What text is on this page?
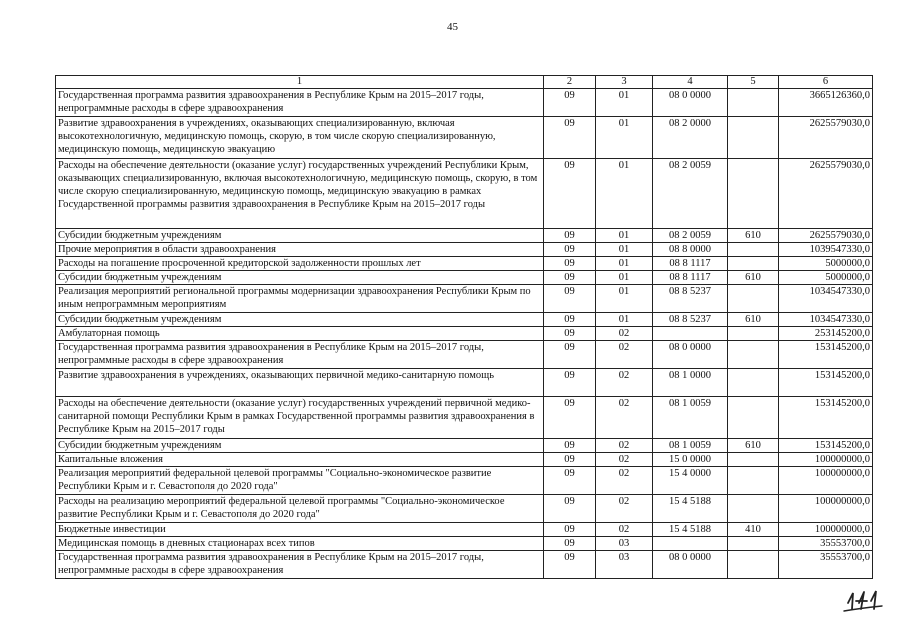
45
1	2	3	4	5	6
Государственная программа развития здравоохранения в Республике Крым на 2015–2017 годы, непрограммные расходы в сфере здравоохранения	09	01	08 0 0000		3665126360,0
Развитие здравоохранения в учреждениях, оказывающих специализированную, включая высокотехнологичную, медицинскую помощь, скорую, в том числе скорую специализированную, медицинскую помощь, медицинскую эвакуацию	09	01	08 2 0000		2625579030,0
Расходы на обеспечение деятельности (оказание услуг) государственных учреждений Республики Крым, оказывающих специализированную, включая высокотехнологичную, медицинскую помощь, скорую, в том числе скорую специализированную, медицинскую помощь, медицинскую эвакуацию в рамках Государственной программы развития здравоохранения в Республике Крым на 2015–2017 годы	09	01	08 2 0059		2625579030,0
Субсидии бюджетным учреждениям	09	01	08 2 0059	610	2625579030,0
Прочие мероприятия в области здравоохранения	09	01	08 8 0000		1039547330,0
Расходы на погашение просроченной кредиторской задолженности прошлых лет	09	01	08 8 1117		5000000,0
Субсидии бюджетным учреждениям	09	01	08 8 1117	610	5000000,0
Реализация мероприятий региональной программы модернизации здравоохранения Республики Крым по иным непрограммным мероприятиям	09	01	08 8 5237		1034547330,0
Субсидии бюджетным учреждениям	09	01	08 8 5237	610	1034547330,0
Амбулаторная помощь	09	02			253145200,0
Государственная программа развития здравоохранения в Республике Крым на 2015–2017 годы, непрограммные расходы в сфере здравоохранения	09	02	08 0 0000		153145200,0
Развитие здравоохранения в учреждениях, оказывающих первичной медико-санитарную помощь	09	02	08 1 0000		153145200,0
Расходы на обеспечение деятельности (оказание услуг) государственных учреждений первичной медико-санитарной помощи Республики Крым в рамках Государственной программы развития здравоохранения в Республике Крым на 2015–2017 годы	09	02	08 1 0059		153145200,0
Субсидии бюджетным учреждениям	09	02	08 1 0059	610	153145200,0
Капитальные вложения	09	02	15 0 0000		100000000,0
Реализация мероприятий федеральной целевой программы "Социально-экономическое развитие Республики Крым и г. Севастополя до 2020 года"	09	02	15 4 0000		100000000,0
Расходы на реализацию мероприятий федеральной целевой программы "Социально-экономическое развитие Республики Крым и г. Севастополя до 2020 года"	09	02	15 4 5188		100000000,0
Бюджетные инвестиции	09	02	15 4 5188	410	100000000,0
Медицинская помощь в дневных стационарах всех типов	09	03			35553700,0
Государственная программа развития здравоохранения в Республике Крым на 2015–2017 годы, непрограммные расходы в сфере здравоохранения	09	03	08 0 0000		35553700,0
